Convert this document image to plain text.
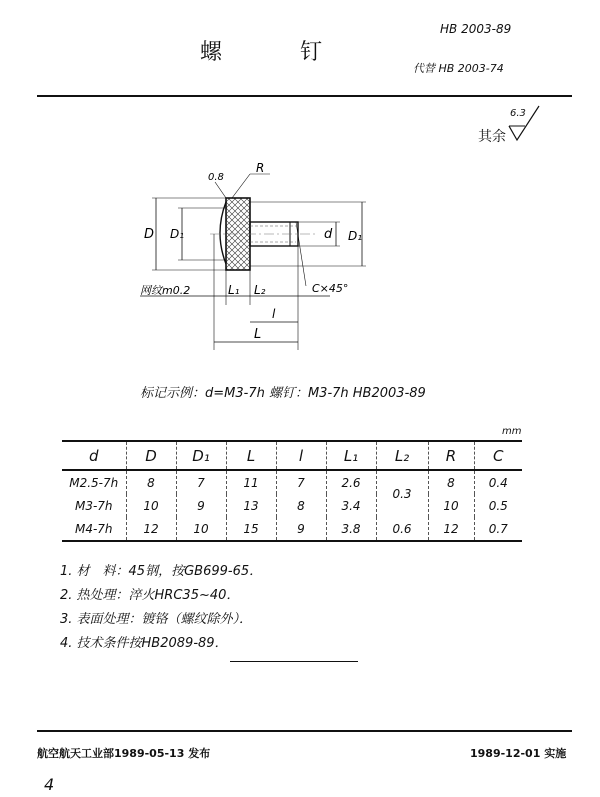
螺　钉
HB 2003-89
代替 HB 2003-74
其余
6.3
0.8
R
D D₁	d D₁
L₁ L₂
l
L
网纹m0.2	C×45°
标记示例：d=M3-7h 螺钉：M3-7h HB2003-89
mm
d	D	D₁	L	l	L₁	L₂	R	C
M2.5-7h	8	7	11	7	2.6	0.3	8	0.4
M3-7h	10	9	13	8	3.4		10	0.5
M4-7h	12	10	15	9	3.8	0.6	12	0.7
1. 材　料：45钢，按GB699-65．
2. 热处理：淬火HRC35~40．
3. 表面处理：镀铬（螺纹除外）．
4. 技术条件按HB2089-89．
航空航天工业部1989-05-13 发布	1989-12-01 实施
4
